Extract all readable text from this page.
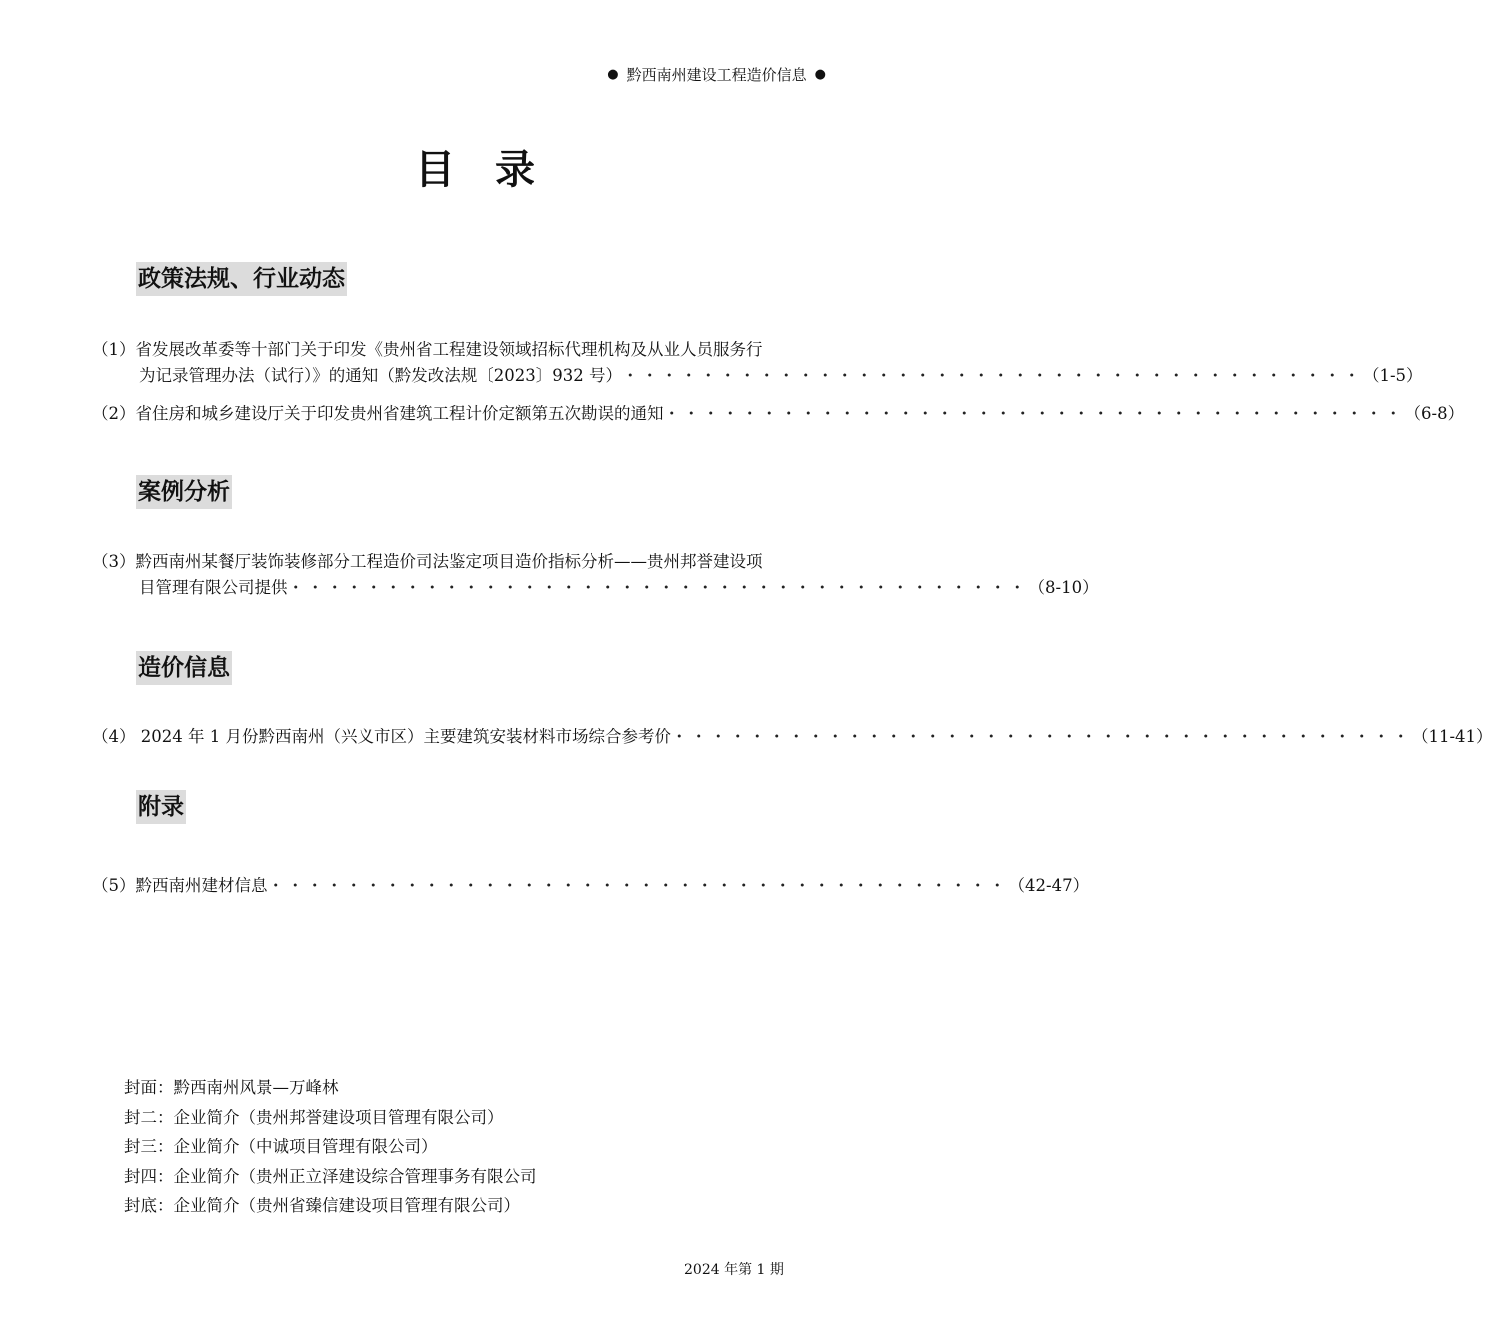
● 黔西南州建设工程造价信息 ●
目录
政策法规、行业动态
（1）省发展改革委等十部门关于印发《贵州省工程建设领域招标代理机构及从业人员服务行
为记录管理办法（试行）》的通知（黔发改法规〔2023〕932 号） ・・・・・・・・・・・・・・・・・・・・・・・・・・・・・・・・・・・・・・ （1-5）
（2）省住房和城乡建设厅关于印发贵州省建筑工程计价定额第五次勘误的通知 ・・・・・・・・・・・・・・・・・・・・・・・・・・・・・・・・・・・・・・ （6-8）
案例分析
（3）黔西南州某餐厅装饰装修部分工程造价司法鉴定项目造价指标分析——贵州邦誉建设项
目管理有限公司提供 ・・・・・・・・・・・・・・・・・・・・・・・・・・・・・・・・・・・・・・ （8-10）
造价信息
（4） 2024 年 1 月份黔西南州（兴义市区）主要建筑安装材料市场综合参考价 ・・・・・・・・・・・・・・・・・・・・・・・・・・・・・・・・・・・・・・ （11-41）
附录
（5）黔西南州建材信息 ・・・・・・・・・・・・・・・・・・・・・・・・・・・・・・・・・・・・・・ （42-47）
封面：黔西南州风景—万峰林
封二：企业简介（贵州邦誉建设项目管理有限公司）
封三：企业简介（中诚项目管理有限公司）
封四：企业简介（贵州正立泽建设综合管理事务有限公司
封底：企业简介（贵州省臻信建设项目管理有限公司）
2024 年第 1 期
